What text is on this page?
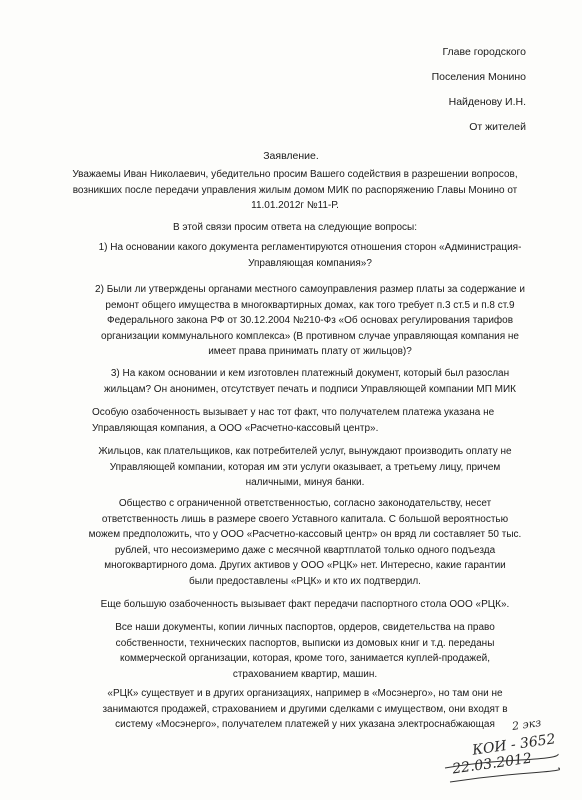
Главе городского
Поселения Монино
Найденову И.Н.
От жителей
Заявление.
Уважаемы Иван Николаевич, убедительно просим Вашего содействия в разрешении вопросов,
возникших после передачи управления жилым домом МИК по распоряжению Главы Монино от
11.01.2012г №11-Р.
В этой связи просим ответа на следующие вопросы:
1) На основании какого документа регламентируются отношения сторон «Администрация-
Управляющая компания»?
2) Были ли утверждены органами местного самоуправления размер платы за содержание и
ремонт общего имущества в многоквартирных домах, как того требует п.3 ст.5 и п.8 ст.9
Федерального закона РФ от 30.12.2004 №210-Фз «Об основах регулирования тарифов
организации коммунального комплекса» (В противном случае управляющая компания не
имеет права принимать плату от жильцов)?
3) На каком основании и кем изготовлен платежный документ, который был разослан
жильцам? Он анонимен, отсутствует печать и подписи Управляющей компании МП МИК
Особую озабоченность вызывает у нас тот факт, что получателем платежа указана не
Управляющая компания, а ООО «Расчетно-кассовый центр».
Жильцов, как плательщиков, как потребителей услуг, вынуждают производить оплату не
Управляющей компании, которая им эти услуги оказывает, а третьему лицу, причем
наличными, минуя банки.
Общество с ограниченной ответственностью, согласно законодательству, несет
ответственность лишь в размере своего Уставного капитала. С большой вероятностью
можем предположить, что у ООО «Расчетно-кассовый центр» он вряд ли составляет 50 тыс.
рублей, что несоизмеримо даже с месячной квартплатой только одного подъезда
многоквартирного дома. Других активов у ООО «РЦК» нет. Интересно, какие гарантии
были предоставлены «РЦК» и кто их подтвердил.
Еще большую озабоченность вызывает факт передачи паспортного стола ООО «РЦК».
Все наши документы, копии личных паспортов, ордеров, свидетельства на право
собственности, технических паспортов, выписки из домовых книг и т.д. переданы
коммерческой организации, которая, кроме того, занимается куплей-продажей,
страхованием квартир, машин.
«РЦК» существует и в других организациях, например в «Мосэнерго», но там они не
занимаются продажей, страхованием и другими сделками с имуществом, они входят в
систему «Мосэнерго», получателем платежей у них указана электроснабжающая	2 экз
КОИ - 3652
22.03.2012
